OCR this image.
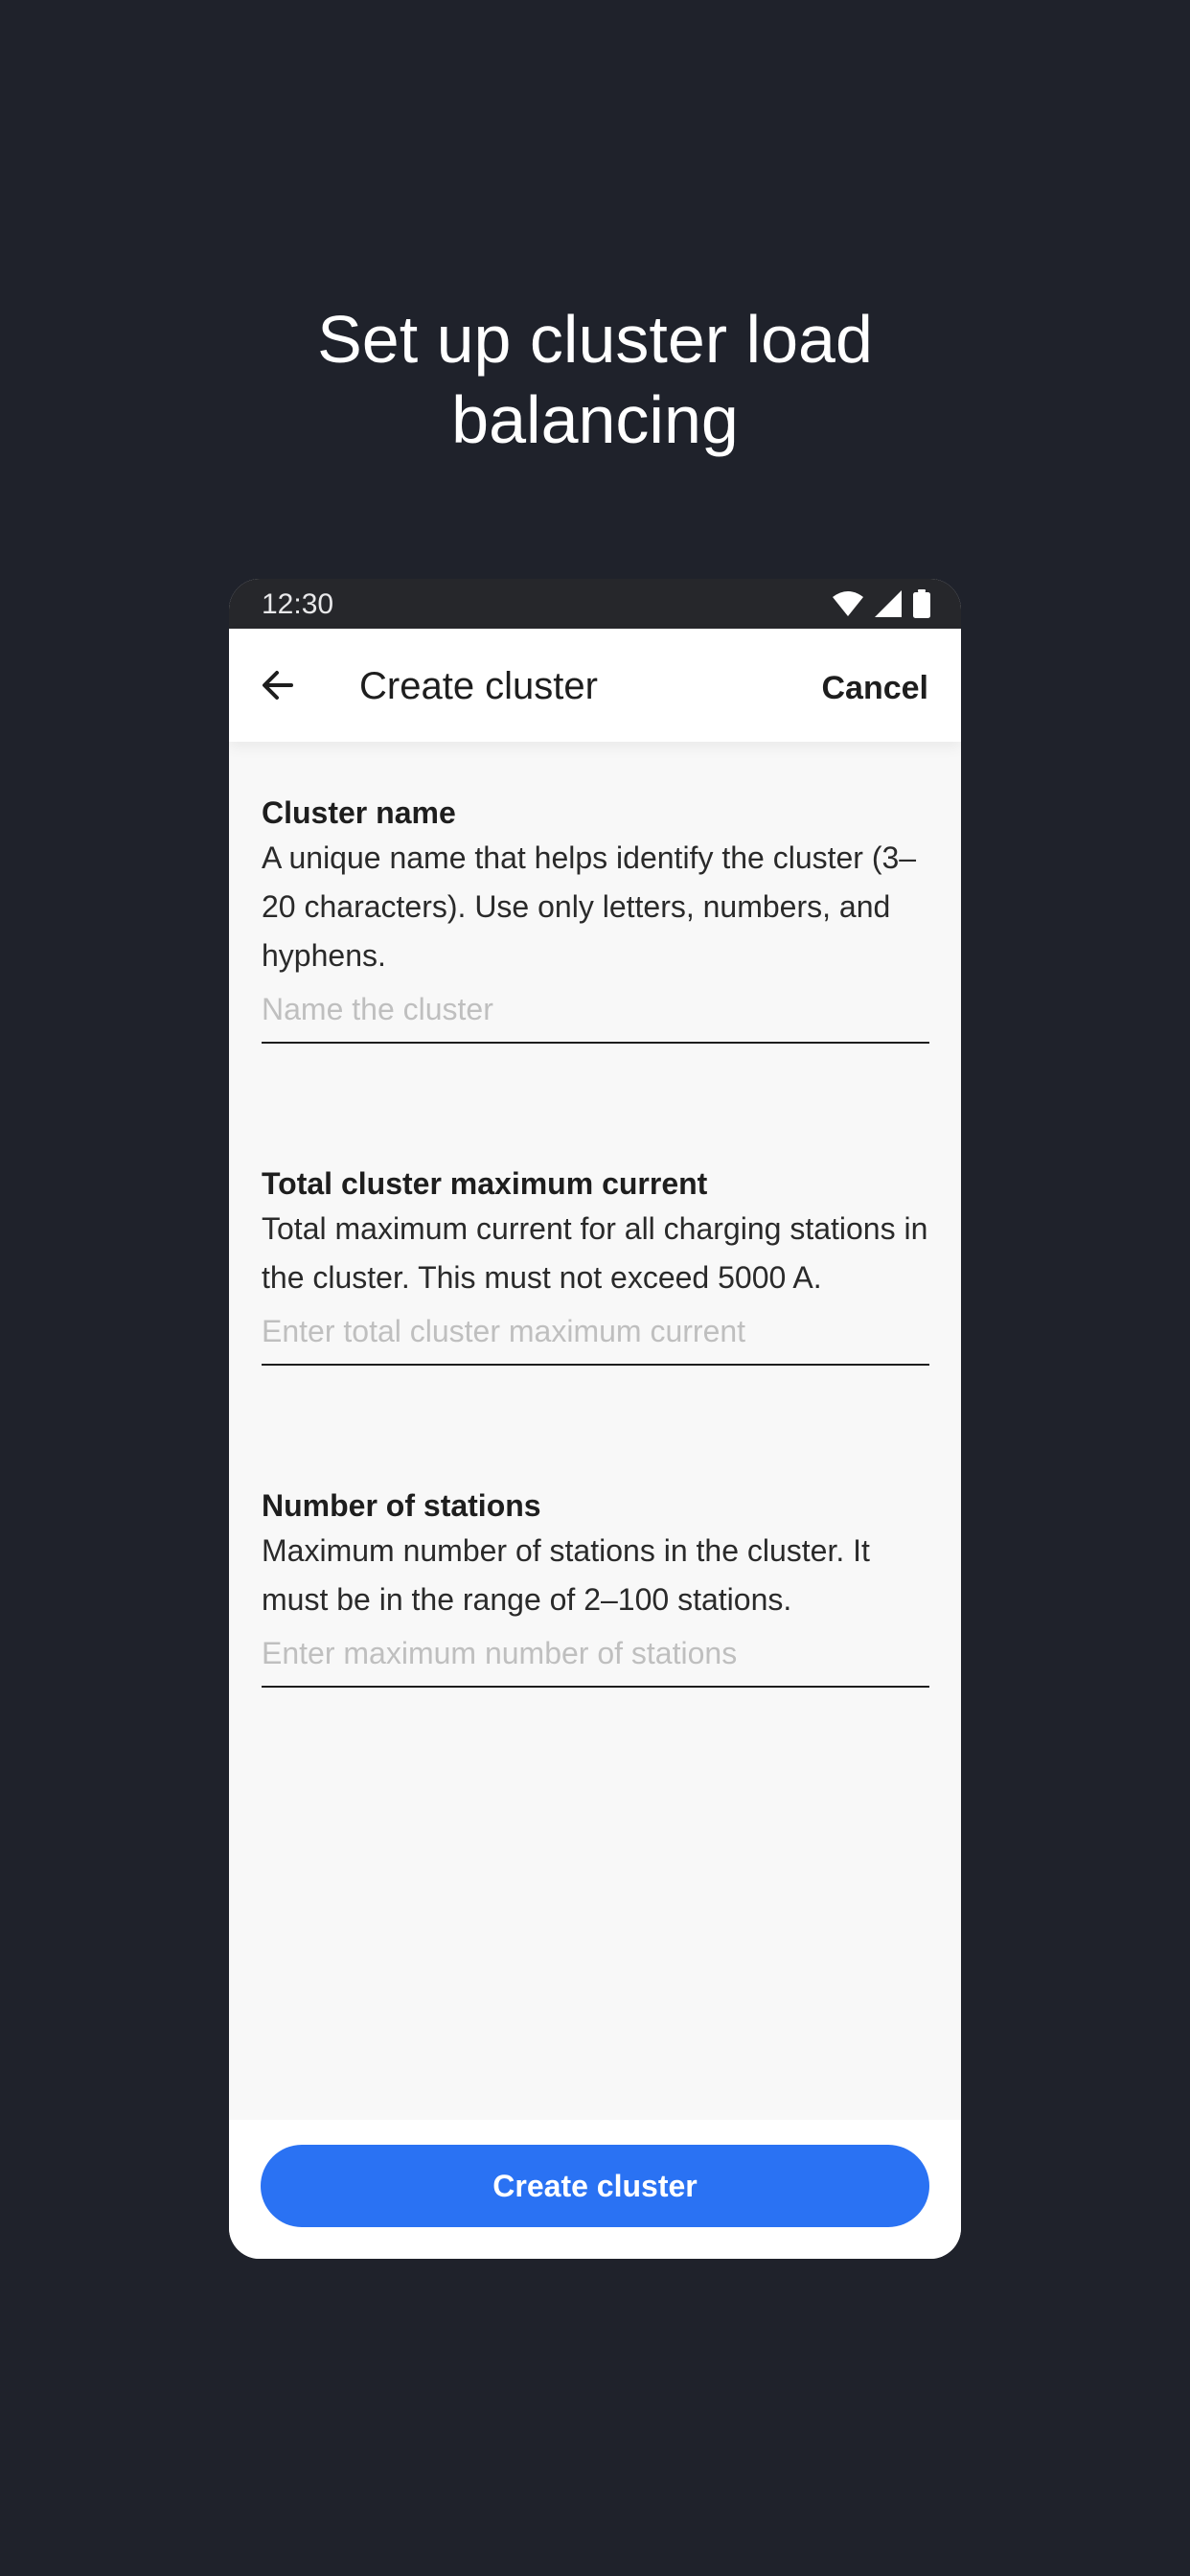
Set up cluster load
balancing
12:30
Create cluster	Cancel

Cluster name

A unique name that helps identify the cluster (3–20 characters). Use only letters, numbers, and hyphens.

Name the cluster

Total cluster maximum current

Total maximum current for all charging stations in the cluster. This must not exceed 5000 A.

Enter total cluster maximum current

Number of stations

Maximum number of stations in the cluster. It must be in the range of 2–100 stations.

Enter maximum number of stations
Create cluster
